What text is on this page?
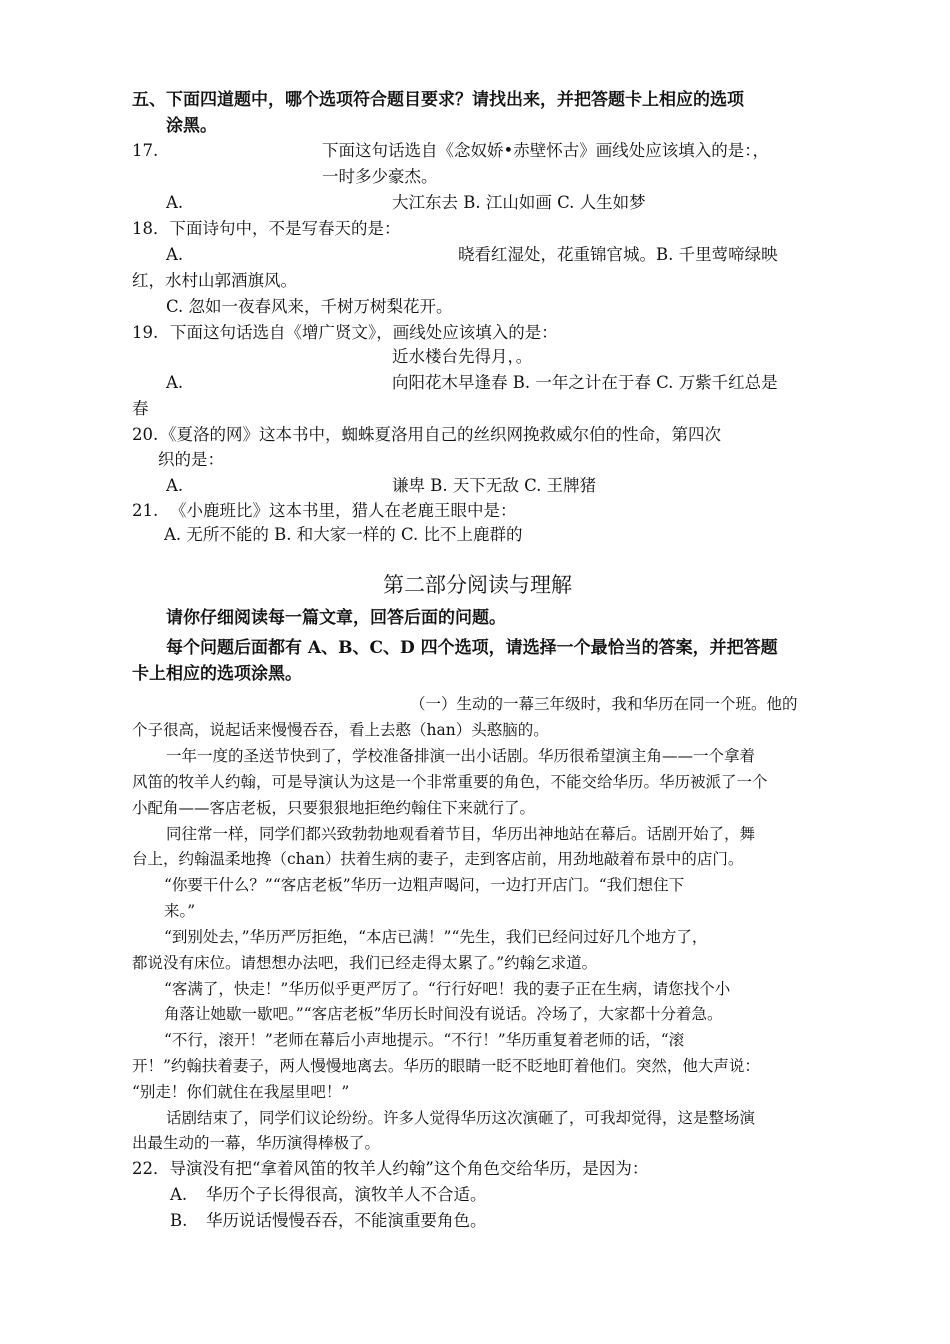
五、下面四道题中，哪个选项符合题目要求？请找出来，并把答题卡上相应的选项
涂黑。
17.	下面这句话选自《念奴娇•赤壁怀古》画线处应该填入的是：，
一时多少豪杰。
A.	大江东去 B. 江山如画 C. 人生如梦
18．下面诗句中，不是写春天的是：
A.	晓看红湿处，花重锦官城。B. 千里莺啼绿映
红，水村山郭酒旗风。
C. 忽如一夜春风来，千树万树梨花开。
19. 下面这句话选自《增广贤文》，画线处应该填入的是：
近水楼台先得月，。
A.	向阳花木早逢春 B. 一年之计在于春 C. 万紫千红总是
春
20. 《夏洛的网》这本书中，蜘蛛夏洛用自己的丝织网挽救威尔伯的性命，第四次
织的是：
A.	谦卑 B. 天下无敌 C. 王牌猪
21. 《小鹿班比》这本书里，猎人在老鹿王眼中是：
A. 无所不能的 B. 和大家一样的 C. 比不上鹿群的
第二部分阅读与理解
请你仔细阅读每一篇文章，回答后面的问题。
每个问题后面都有 A、B、C、D 四个选项，请选择一个最恰当的答案，并把答题
卡上相应的选项涂黑。
（一）生动的一幕三年级时，我和华历在同一个班。他的
个子很高，说起话来慢慢吞吞，看上去憨（han）头憨脑的。
一年一度的圣送节快到了，学校准备排演一出小话剧。华历很希望演主角——一个拿着
风笛的牧羊人约翰，可是导演认为这是一个非常重要的角色，不能交给华历。华历被派了一个
小配角——客店老板，只要狠狠地拒绝约翰住下来就行了。
同往常一样，同学们都兴致勃勃地观看着节目，华历出神地站在幕后。话剧开始了，舞
台上，约翰温柔地搀（chan）扶着生病的妻子，走到客店前，用劲地敲着布景中的店门。
“你要干什么？”“客店老板”华历一边粗声喝问，一边打开店门。“我们想住下
来。”
“到别处去，”华历严厉拒绝，“本店已满！”“先生，我们已经问过好几个地方了，
都说没有床位。请想想办法吧，我们已经走得太累了。”约翰乞求道。
“客满了，快走！”华历似乎更严厉了。“行行好吧！我的妻子正在生病，请您找个小
角落让她歇一歇吧。”“客店老板”华历长时间没有说话。冷场了，大家都十分着急。
“不行，滚开！”老师在幕后小声地提示。“不行！”华历重复着老师的话，“滚
开！”约翰扶着妻子，两人慢慢地离去。华历的眼睛一眨不眨地盯着他们。突然，他大声说：
“别走！你们就住在我屋里吧！”
话剧结束了，同学们议论纷纷。许多人觉得华历这次演砸了，可我却觉得，这是整场演
出最生动的一幕，华历演得棒极了。
22．导演没有把“拿着风笛的牧羊人约翰”这个角色交给华历，是因为：
A. 华历个子长得很高，演牧羊人不合适。
B. 华历说话慢慢吞吞，不能演重要角色。
